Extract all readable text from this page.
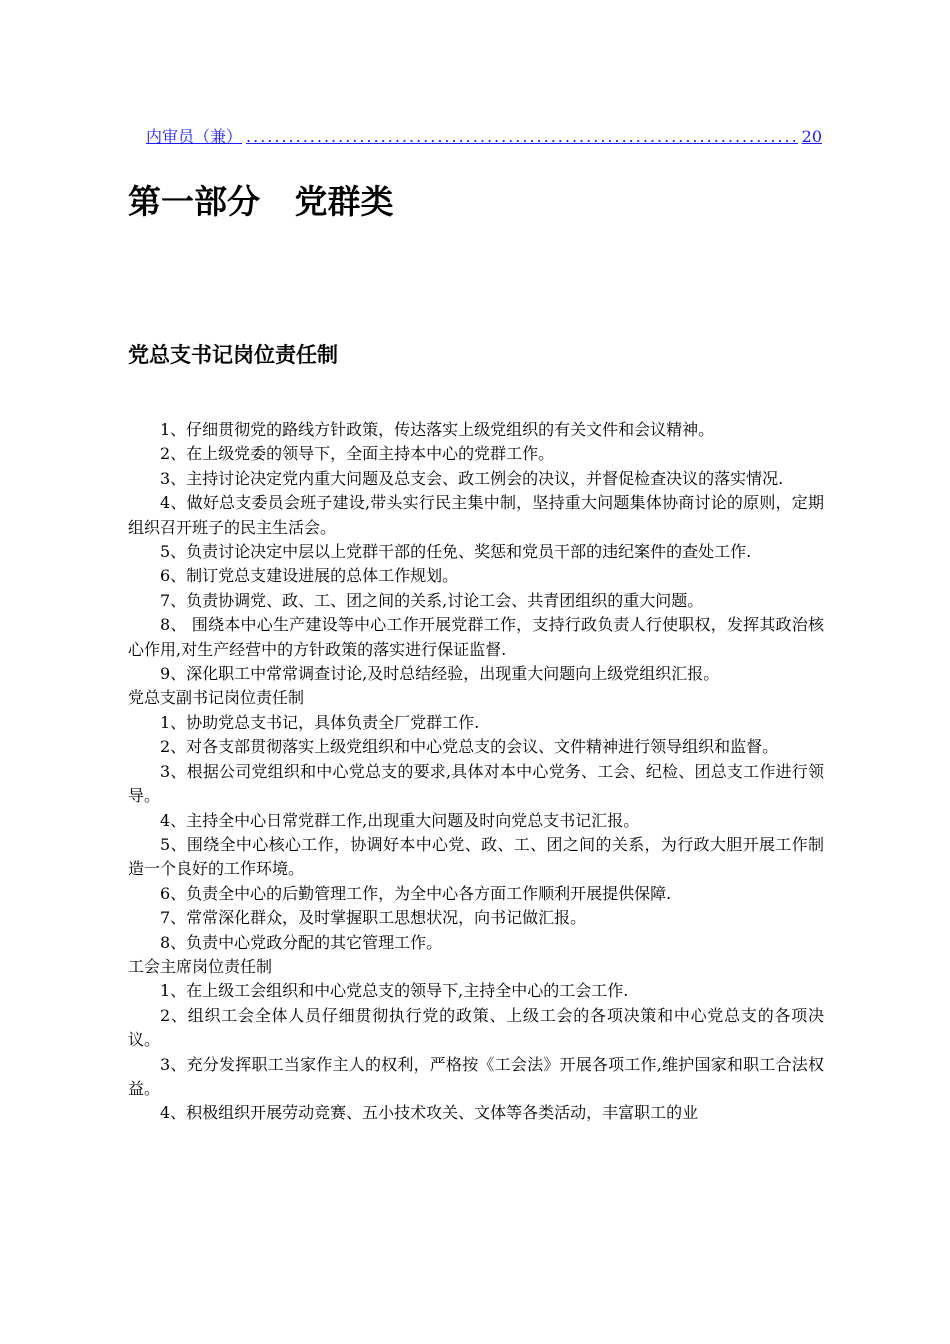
内审员（兼）
.....	20
第一部分   党群类
党总支书记岗位责任制

1、仔细贯彻党的路线方针政策，传达落实上级党组织的有关文件和会议精神。

2、在上级党委的领导下，全面主持本中心的党群工作。

3、主持讨论决定党内重大问题及总支会、政工例会的决议，并督促检查决议的落实情况.

4、做好总支委员会班子建设,带头实行民主集中制，坚持重大问题集体协商讨论的原则，定期组织召开班子的民主生活会。

5、负责讨论决定中层以上党群干部的任免、奖惩和党员干部的违纪案件的查处工作.

6、制订党总支建设进展的总体工作规划。

7、负责协调党、政、工、团之间的关系,讨论工会、共青团组织的重大问题。

8、 围绕本中心生产建设等中心工作开展党群工作，支持行政负责人行使职权，发挥其政治核心作用,对生产经营中的方针政策的落实进行保证监督.

9、深化职工中常常调查讨论,及时总结经验，出现重大问题向上级党组织汇报。

党总支副书记岗位责任制

1、协助党总支书记，具体负责全厂党群工作.

2、对各支部贯彻落实上级党组织和中心党总支的会议、文件精神进行领导组织和监督。

3、根据公司党组织和中心党总支的要求,具体对本中心党务、工会、纪检、团总支工作进行领导。

4、主持全中心日常党群工作,出现重大问题及时向党总支书记汇报。

5、围绕全中心核心工作，协调好本中心党、政、工、团之间的关系，为行政大胆开展工作制造一个良好的工作环境。

6、负责全中心的后勤管理工作，为全中心各方面工作顺利开展提供保障.

7、常常深化群众，及时掌握职工思想状况，向书记做汇报。

8、负责中心党政分配的其它管理工作。

工会主席岗位责任制

1、在上级工会组织和中心党总支的领导下,主持全中心的工会工作.

2、组织工会全体人员仔细贯彻执行党的政策、上级工会的各项决策和中心党总支的各项决议。

3、充分发挥职工当家作主人的权利，严格按《工会法》开展各项工作,维护国家和职工合法权益。

4、积极组织开展劳动竞赛、五小技术攻关、文体等各类活动，丰富职工的业
